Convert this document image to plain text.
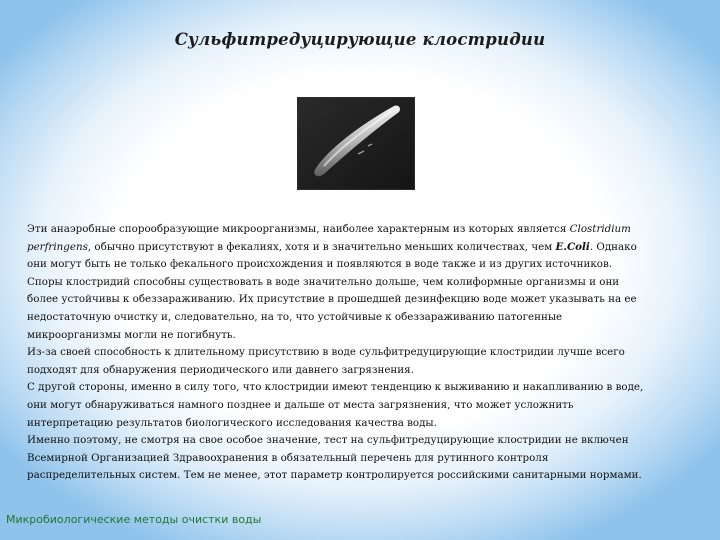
Сульфитредуцирующие клостридии
Эти анаэробные спорообразующие микроорганизмы, наиболее характерным из которых является Clostridium
perfringens, обычно присутствуют в фекалиях, хотя и в значительно меньших количествах, чем E.Coli. Однако
они могут быть не только фекального происхождения и появляются в воде также и из других источников.
Споры клостридий способны существовать в воде значительно дольше, чем колиформные организмы и они
более устойчивы к обеззараживанию. Их присутствие в прошедшей дезинфекцию воде может указывать на ее
недостаточную очистку и, следовательно, на то, что устойчивые к обеззараживанию патогенные
микроорганизмы могли не погибнуть.
Из-за своей способность к длительному присутствию в воде сульфитредуцирующие клостридии лучше всего
подходят для обнаружения периодического или давнего загрязнения.
С другой стороны, именно в силу того, что клостридии имеют тенденцию к выживанию и накапливанию в воде,
они могут обнаруживаться намного позднее и дальше от места загрязнения, что может усложнить
интерпретацию результатов биологического исследования качества воды.
Именно поэтому, не смотря на свое особое значение, тест на сульфитредуцирующие клостридии не включен
Всемирной Организацией Здравоохранения в обязательный перечень для рутинного контроля
распределительных систем. Тем не менее, этот параметр контролируется российскими санитарными нормами.
Микробиологические методы очистки воды
